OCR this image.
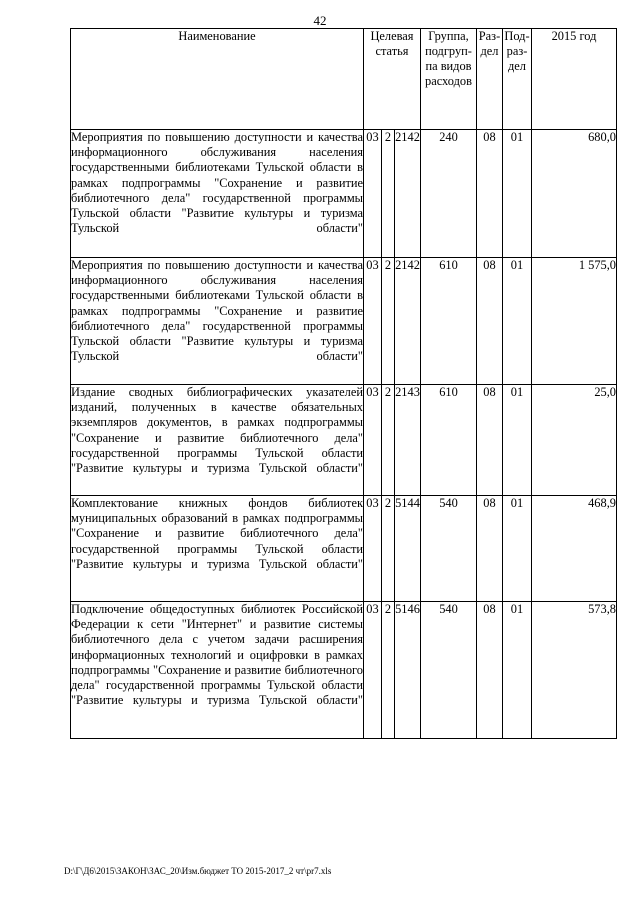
42
Наименование	Целевая статья			Группа, подгруп-па видов расходов	Раз-дел	Под-раз-дел	2015 год
Мероприятия по повышению доступности и качества информационного обслуживания населения государственными библиотеками Тульской области в рамках подпрограммы "Сохранение и развитие библиотечного дела" государственной программы Тульской области "Развитие культуры и туризма Тульской области"	03	2	2142	240	08	01	680,0
Мероприятия по повышению доступности и качества информационного обслуживания населения государственными библиотеками Тульской области в рамках подпрограммы "Сохранение и развитие библиотечного дела" государственной программы Тульской области "Развитие культуры и туризма Тульской области"	03	2	2142	610	08	01	1 575,0
Издание сводных библиографических указателей изданий, полученных в качестве обязательных экземпляров документов, в рамках подпрограммы "Сохранение и развитие библиотечного дела" государственной программы Тульской области "Развитие культуры и туризма Тульской области"	03	2	2143	610	08	01	25,0
Комплектование книжных фондов библиотек муниципальных образований в рамках подпрограммы "Сохранение и развитие библиотечного дела" государственной программы Тульской области "Развитие культуры и туризма Тульской области"	03	2	5144	540	08	01	468,9
Подключение общедоступных библиотек Российской Федерации к сети "Интернет" и развитие системы библиотечного дела с учетом задачи расширения информационных технологий и оцифровки в рамках подпрограммы "Сохранение и развитие библиотечного дела" государственной программы Тульской области "Развитие культуры и туризма Тульской области"	03	2	5146	540	08	01	573,8
D:\Г\Д6\2015\ЗАКОН\ЗАС_20\Изм.бюджет ТО 2015-2017_2 чт\pr7.xls
